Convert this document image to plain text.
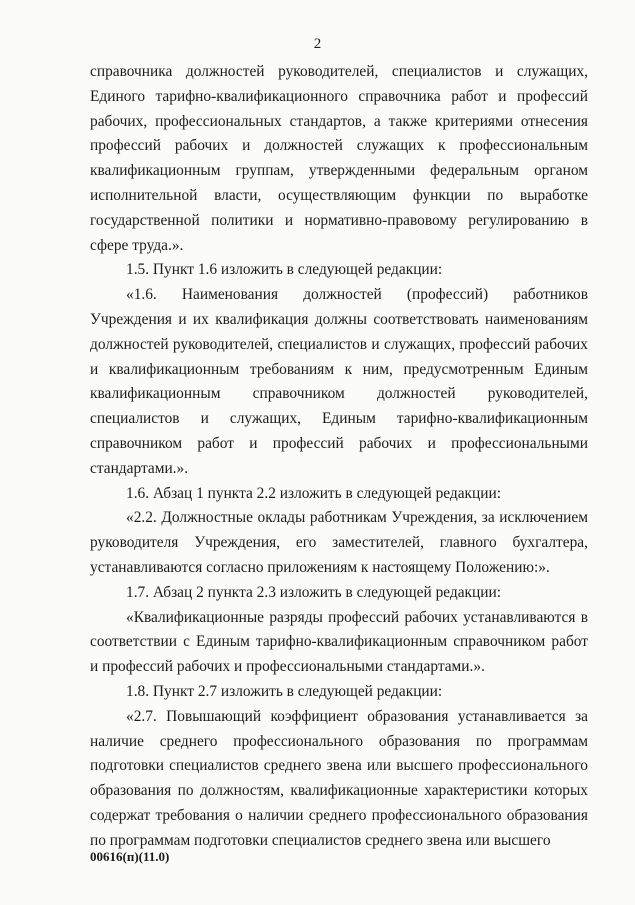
2

справочника должностей руководителей, специалистов и служащих, Единого тарифно-квалификационного справочника работ и профессий рабочих, профессиональных стандартов, а также критериями отнесения профессий рабочих и должностей служащих к профессиональным квалификационным группам, утвержденными федеральным органом исполнительной власти, осуществляющим функции по выработке государственной политики и нормативно-правовому регулированию в сфере труда.».

1.5. Пункт 1.6 изложить в следующей редакции:

«1.6. Наименования должностей (профессий) работников Учреждения и их квалификация должны соответствовать наименованиям должностей руководителей, специалистов и служащих, профессий рабочих и квалификационным требованиям к ним, предусмотренным Единым квалификационным справочником должностей руководителей, специалистов и служащих, Единым тарифно-квалификационным справочником работ и профессий рабочих и профессиональными стандартами.».

1.6. Абзац 1 пункта 2.2 изложить в следующей редакции:

«2.2. Должностные оклады работникам Учреждения, за исключением руководителя Учреждения, его заместителей, главного бухгалтера, устанавливаются согласно приложениям к настоящему Положению:».

1.7. Абзац 2 пункта 2.3 изложить в следующей редакции:

«Квалификационные разряды профессий рабочих устанавливаются в соответствии с Единым тарифно-квалификационным справочником работ и профессий рабочих и профессиональными стандартами.».

1.8. Пункт 2.7 изложить в следующей редакции:

«2.7. Повышающий коэффициент образования устанавливается за наличие среднего профессионального образования по программам подготовки специалистов среднего звена или высшего профессионального образования по должностям, квалификационные характеристики которых содержат требования о наличии среднего профессионального образования по программам подготовки специалистов среднего звена или высшего

00616(п)(11.0)
